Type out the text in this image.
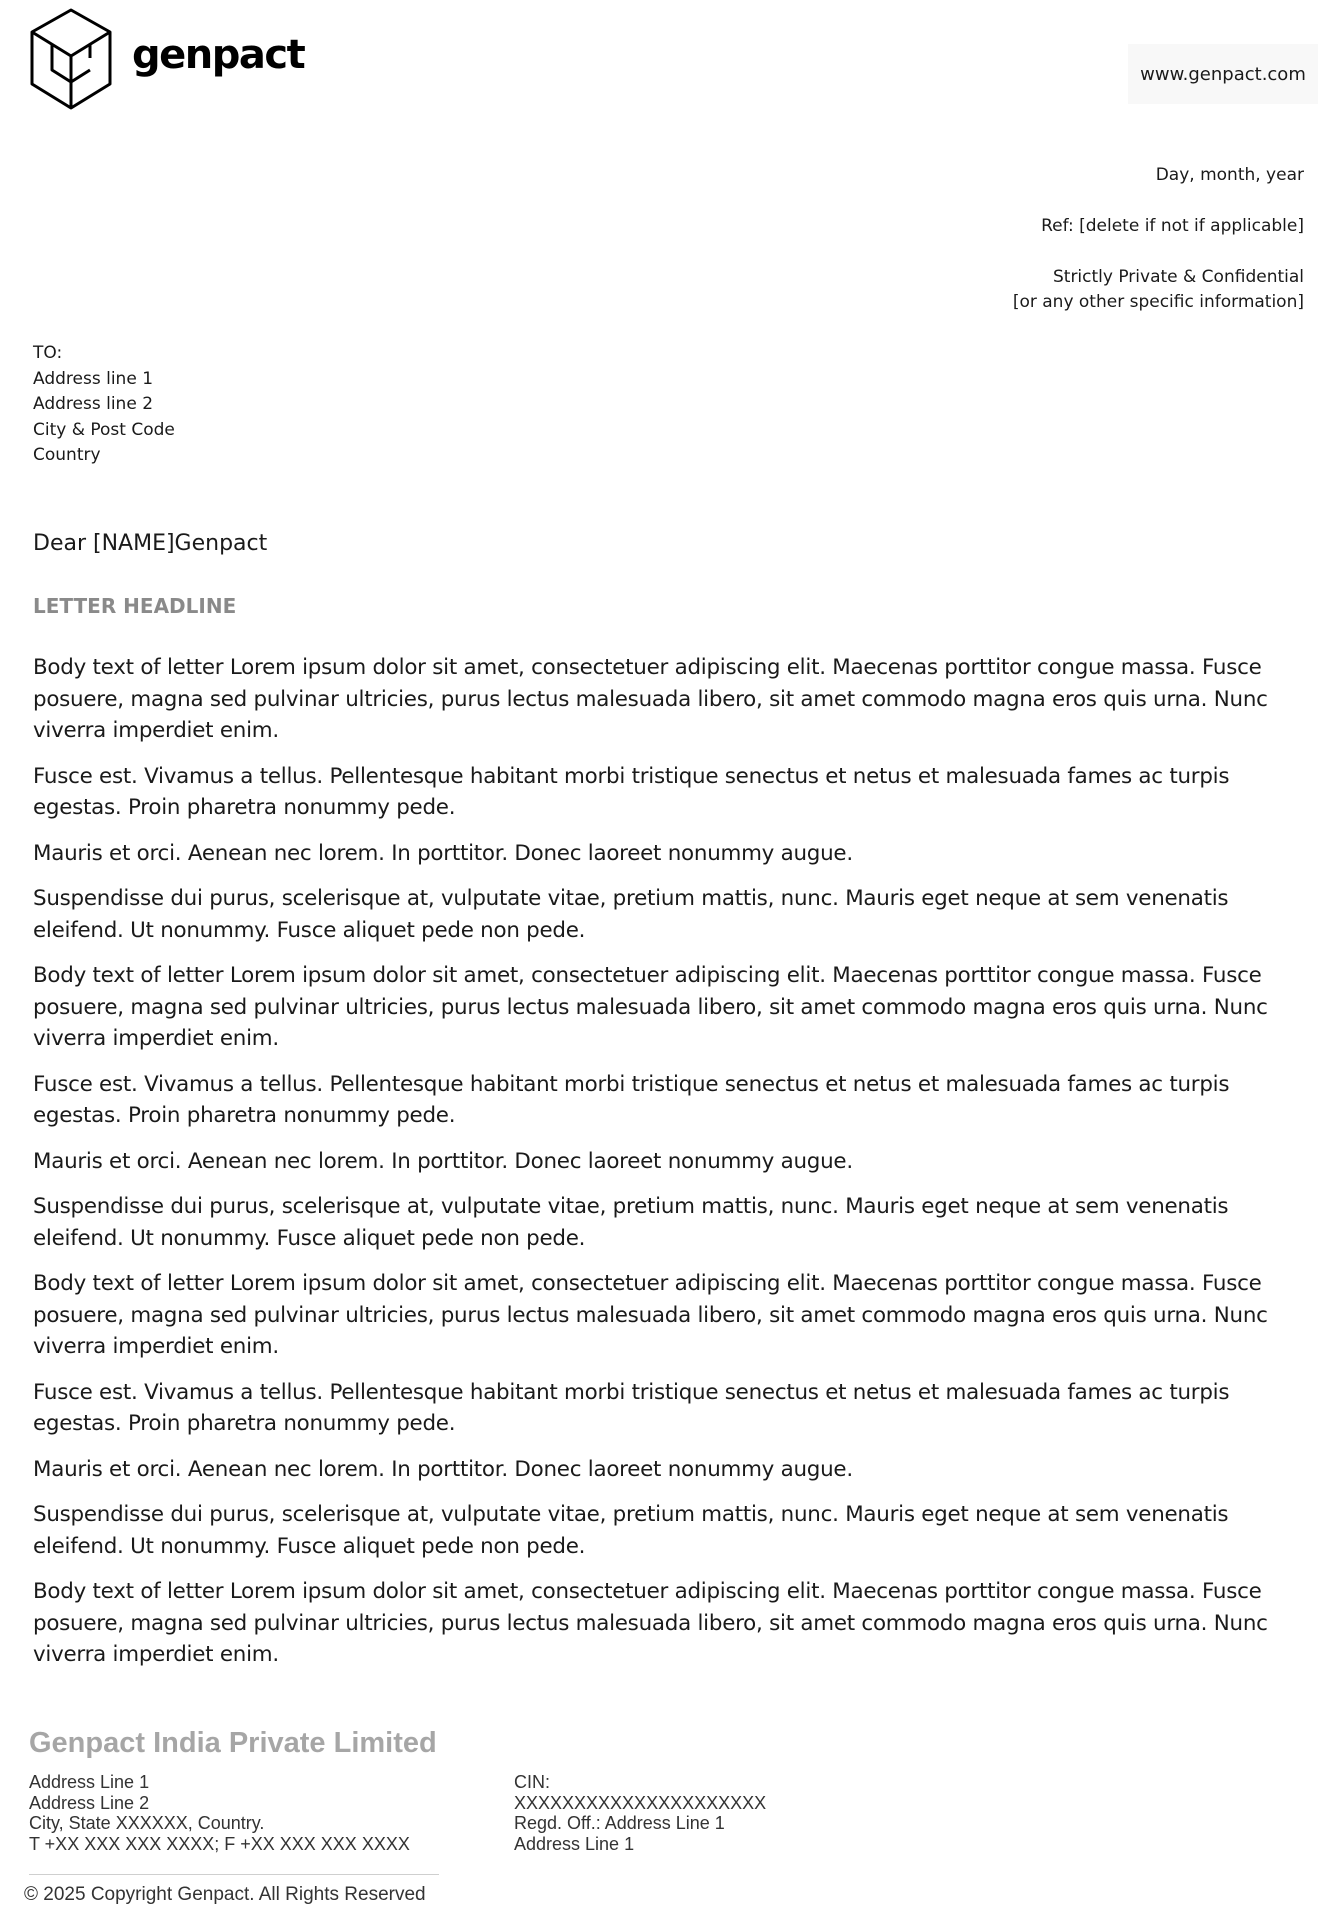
genpact	www.genpact.com
Day, month, year
Ref: [delete if not if applicable]
Strictly Private & Confidential
[or any other specific information]
TO:
Address line 1
Address line 2
City & Post Code
Country
Dear [NAME]Genpact
LETTER HEADLINE

Body text of letter Lorem ipsum dolor sit amet, consectetuer adipiscing elit. Maecenas porttitor congue massa. Fusce posuere, magna sed pulvinar ultricies, purus lectus malesuada libero, sit amet commodo magna eros quis urna. Nunc viverra imperdiet enim.

Fusce est. Vivamus a tellus. Pellentesque habitant morbi tristique senectus et netus et malesuada fames ac turpis egestas. Proin pharetra nonummy pede.

Mauris et orci. Aenean nec lorem. In porttitor. Donec laoreet nonummy augue.

Suspendisse dui purus, scelerisque at, vulputate vitae, pretium mattis, nunc. Mauris eget neque at sem venenatis eleifend. Ut nonummy. Fusce aliquet pede non pede.

Body text of letter Lorem ipsum dolor sit amet, consectetuer adipiscing elit. Maecenas porttitor congue massa. Fusce posuere, magna sed pulvinar ultricies, purus lectus malesuada libero, sit amet commodo magna eros quis urna. Nunc viverra imperdiet enim.

Fusce est. Vivamus a tellus. Pellentesque habitant morbi tristique senectus et netus et malesuada fames ac turpis egestas. Proin pharetra nonummy pede.

Mauris et orci. Aenean nec lorem. In porttitor. Donec laoreet nonummy augue.

Suspendisse dui purus, scelerisque at, vulputate vitae, pretium mattis, nunc. Mauris eget neque at sem venenatis eleifend. Ut nonummy. Fusce aliquet pede non pede.

Body text of letter Lorem ipsum dolor sit amet, consectetuer adipiscing elit. Maecenas porttitor congue massa. Fusce posuere, magna sed pulvinar ultricies, purus lectus malesuada libero, sit amet commodo magna eros quis urna. Nunc viverra imperdiet enim.

Fusce est. Vivamus a tellus. Pellentesque habitant morbi tristique senectus et netus et malesuada fames ac turpis egestas. Proin pharetra nonummy pede.

Mauris et orci. Aenean nec lorem. In porttitor. Donec laoreet nonummy augue.

Suspendisse dui purus, scelerisque at, vulputate vitae, pretium mattis, nunc. Mauris eget neque at sem venenatis eleifend. Ut nonummy. Fusce aliquet pede non pede.

Body text of letter Lorem ipsum dolor sit amet, consectetuer adipiscing elit. Maecenas porttitor congue massa. Fusce posuere, magna sed pulvinar ultricies, purus lectus malesuada libero, sit amet commodo magna eros quis urna. Nunc viverra imperdiet enim.

Genpact India Private Limited
Address Line 1
Address Line 2
City, State XXXXXX, Country.
T +XX XXX XXX XXXX; F +XX XXX XXX XXXX
CIN:
XXXXXXXXXXXXXXXXXXXXX
Regd. Off.: Address Line 1
Address Line 1
© 2025 Copyright Genpact. All Rights Reserved
